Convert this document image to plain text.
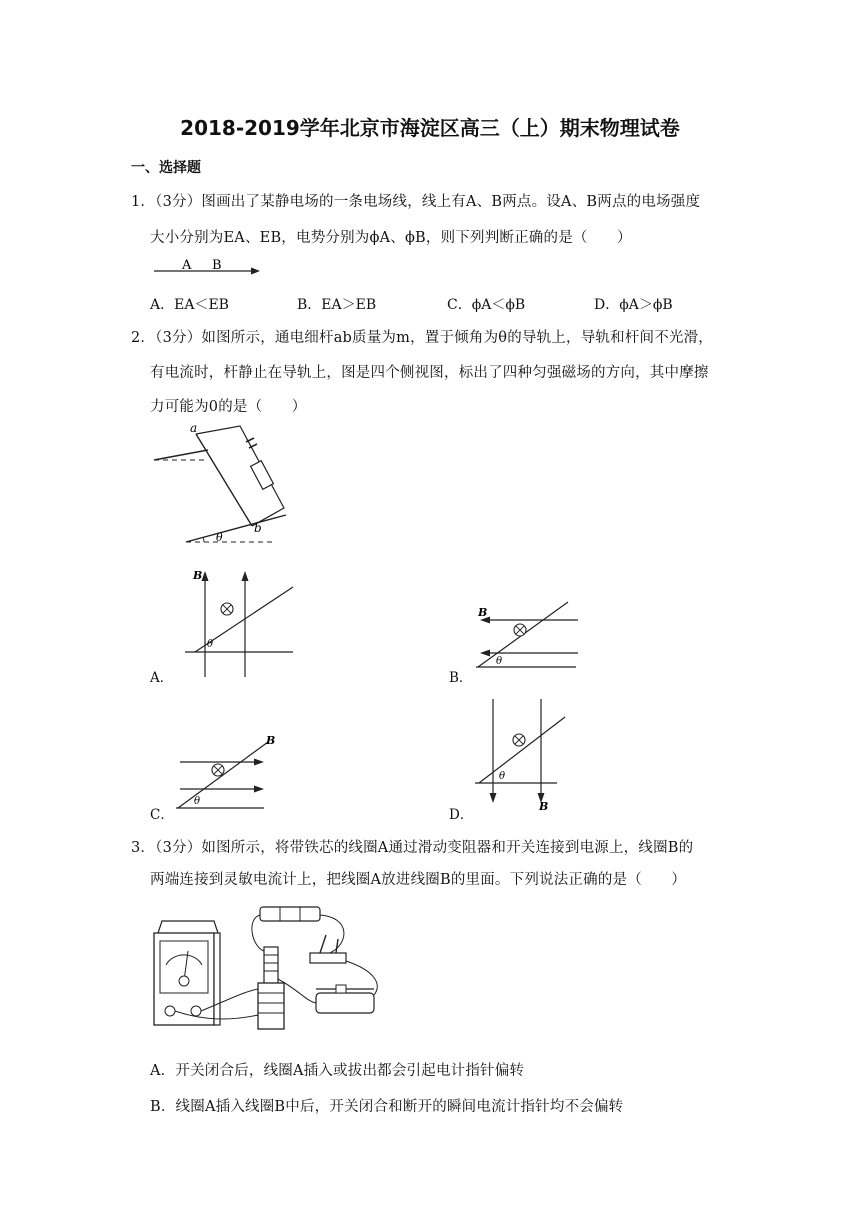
2018-2019学年北京市海淀区高三（上）期末物理试卷
一、选择题
1．（3分）图画出了某静电场的一条电场线，线上有A、B两点。设A、B两点的电场强度
大小分别为EA、EB，电势分别为ϕA、ϕB，则下列判断正确的是（　　）
A B
A．EA＜EB	B．EA＞EB	C．ϕA＜ϕB	D．ϕA＞ϕB
2．（3分）如图所示，通电细杆ab质量为m，置于倾角为θ的导轨上，导轨和杆间不光滑，
有电流时，杆静止在导轨上，图是四个侧视图，标出了四种匀强磁场的方向，其中摩擦
力可能为0的是（　　）
a
b
θ
B
θ
A．
B
θ
B．
B
θ
C．
B
θ
D．
3．（3分）如图所示，将带铁芯的线圈A通过滑动变阻器和开关连接到电源上，线圈B的
两端连接到灵敏电流计上，把线圈A放进线圈B的里面。下列说法正确的是（　　）
A．开关闭合后，线圈A插入或拔出都会引起电计指针偏转
B．线圈A插入线圈B中后，开关闭合和断开的瞬间电流计指针均不会偏转
